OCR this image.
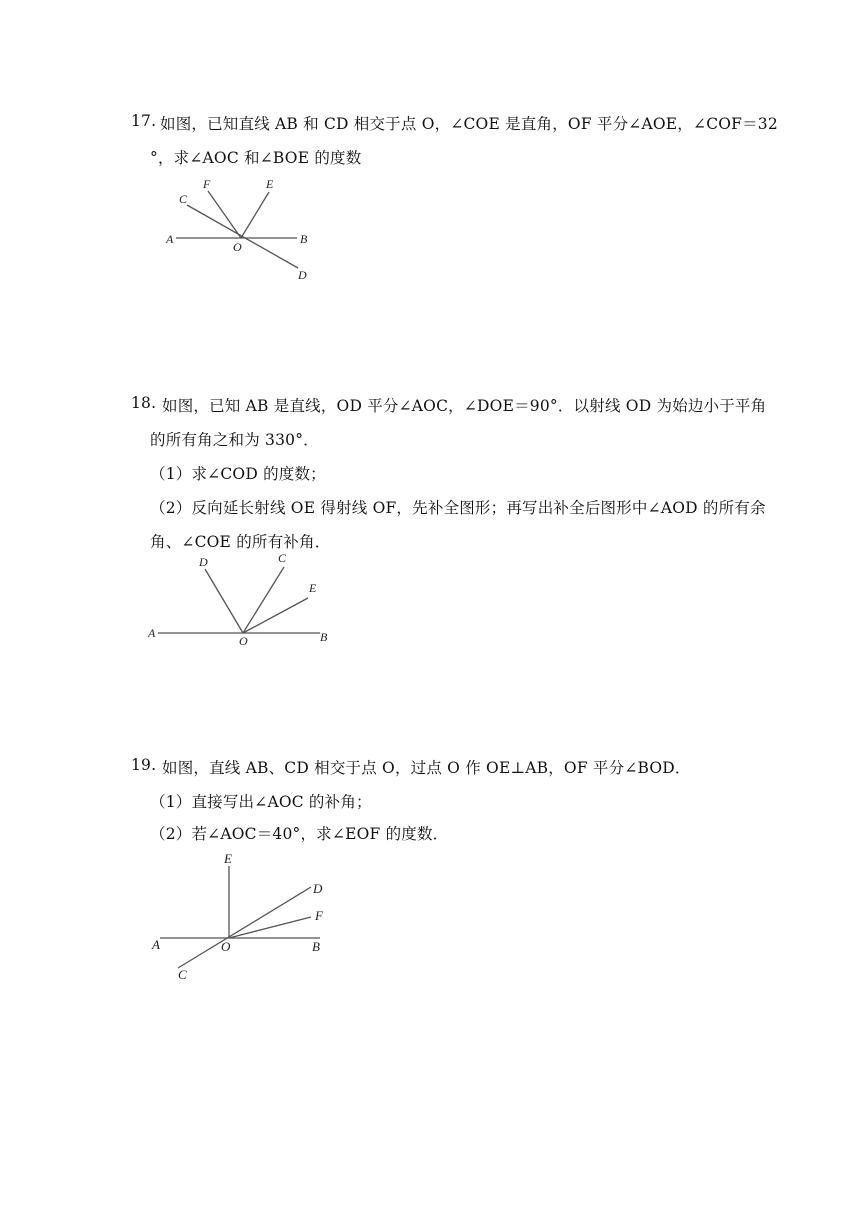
17. 如图，已知直线 AB 和 CD 相交于点 O，∠COE 是直角，OF 平分∠AOE，∠COF＝32
°，求∠AOC 和∠BOE 的度数
18. 如图，已知 AB 是直线，OD 平分∠AOC，∠DOE＝90°．以射线 OD 为始边小于平角
的所有角之和为 330°．
（1）求∠COD 的度数；
（2）反向延长射线 OE 得射线 OF，先补全图形；再写出补全后图形中∠AOD 的所有余
角、∠COE 的所有补角．
19. 如图，直线 AB、CD 相交于点 O，过点 O 作 OE⊥AB，OF 平分∠BOD．
（1）直接写出∠AOC 的补角；
（2）若∠AOC＝40°，求∠EOF 的度数．
C
F	E
A
O
B
D
D	C
E
A
O	B
E
D
F
A	O	B
C
